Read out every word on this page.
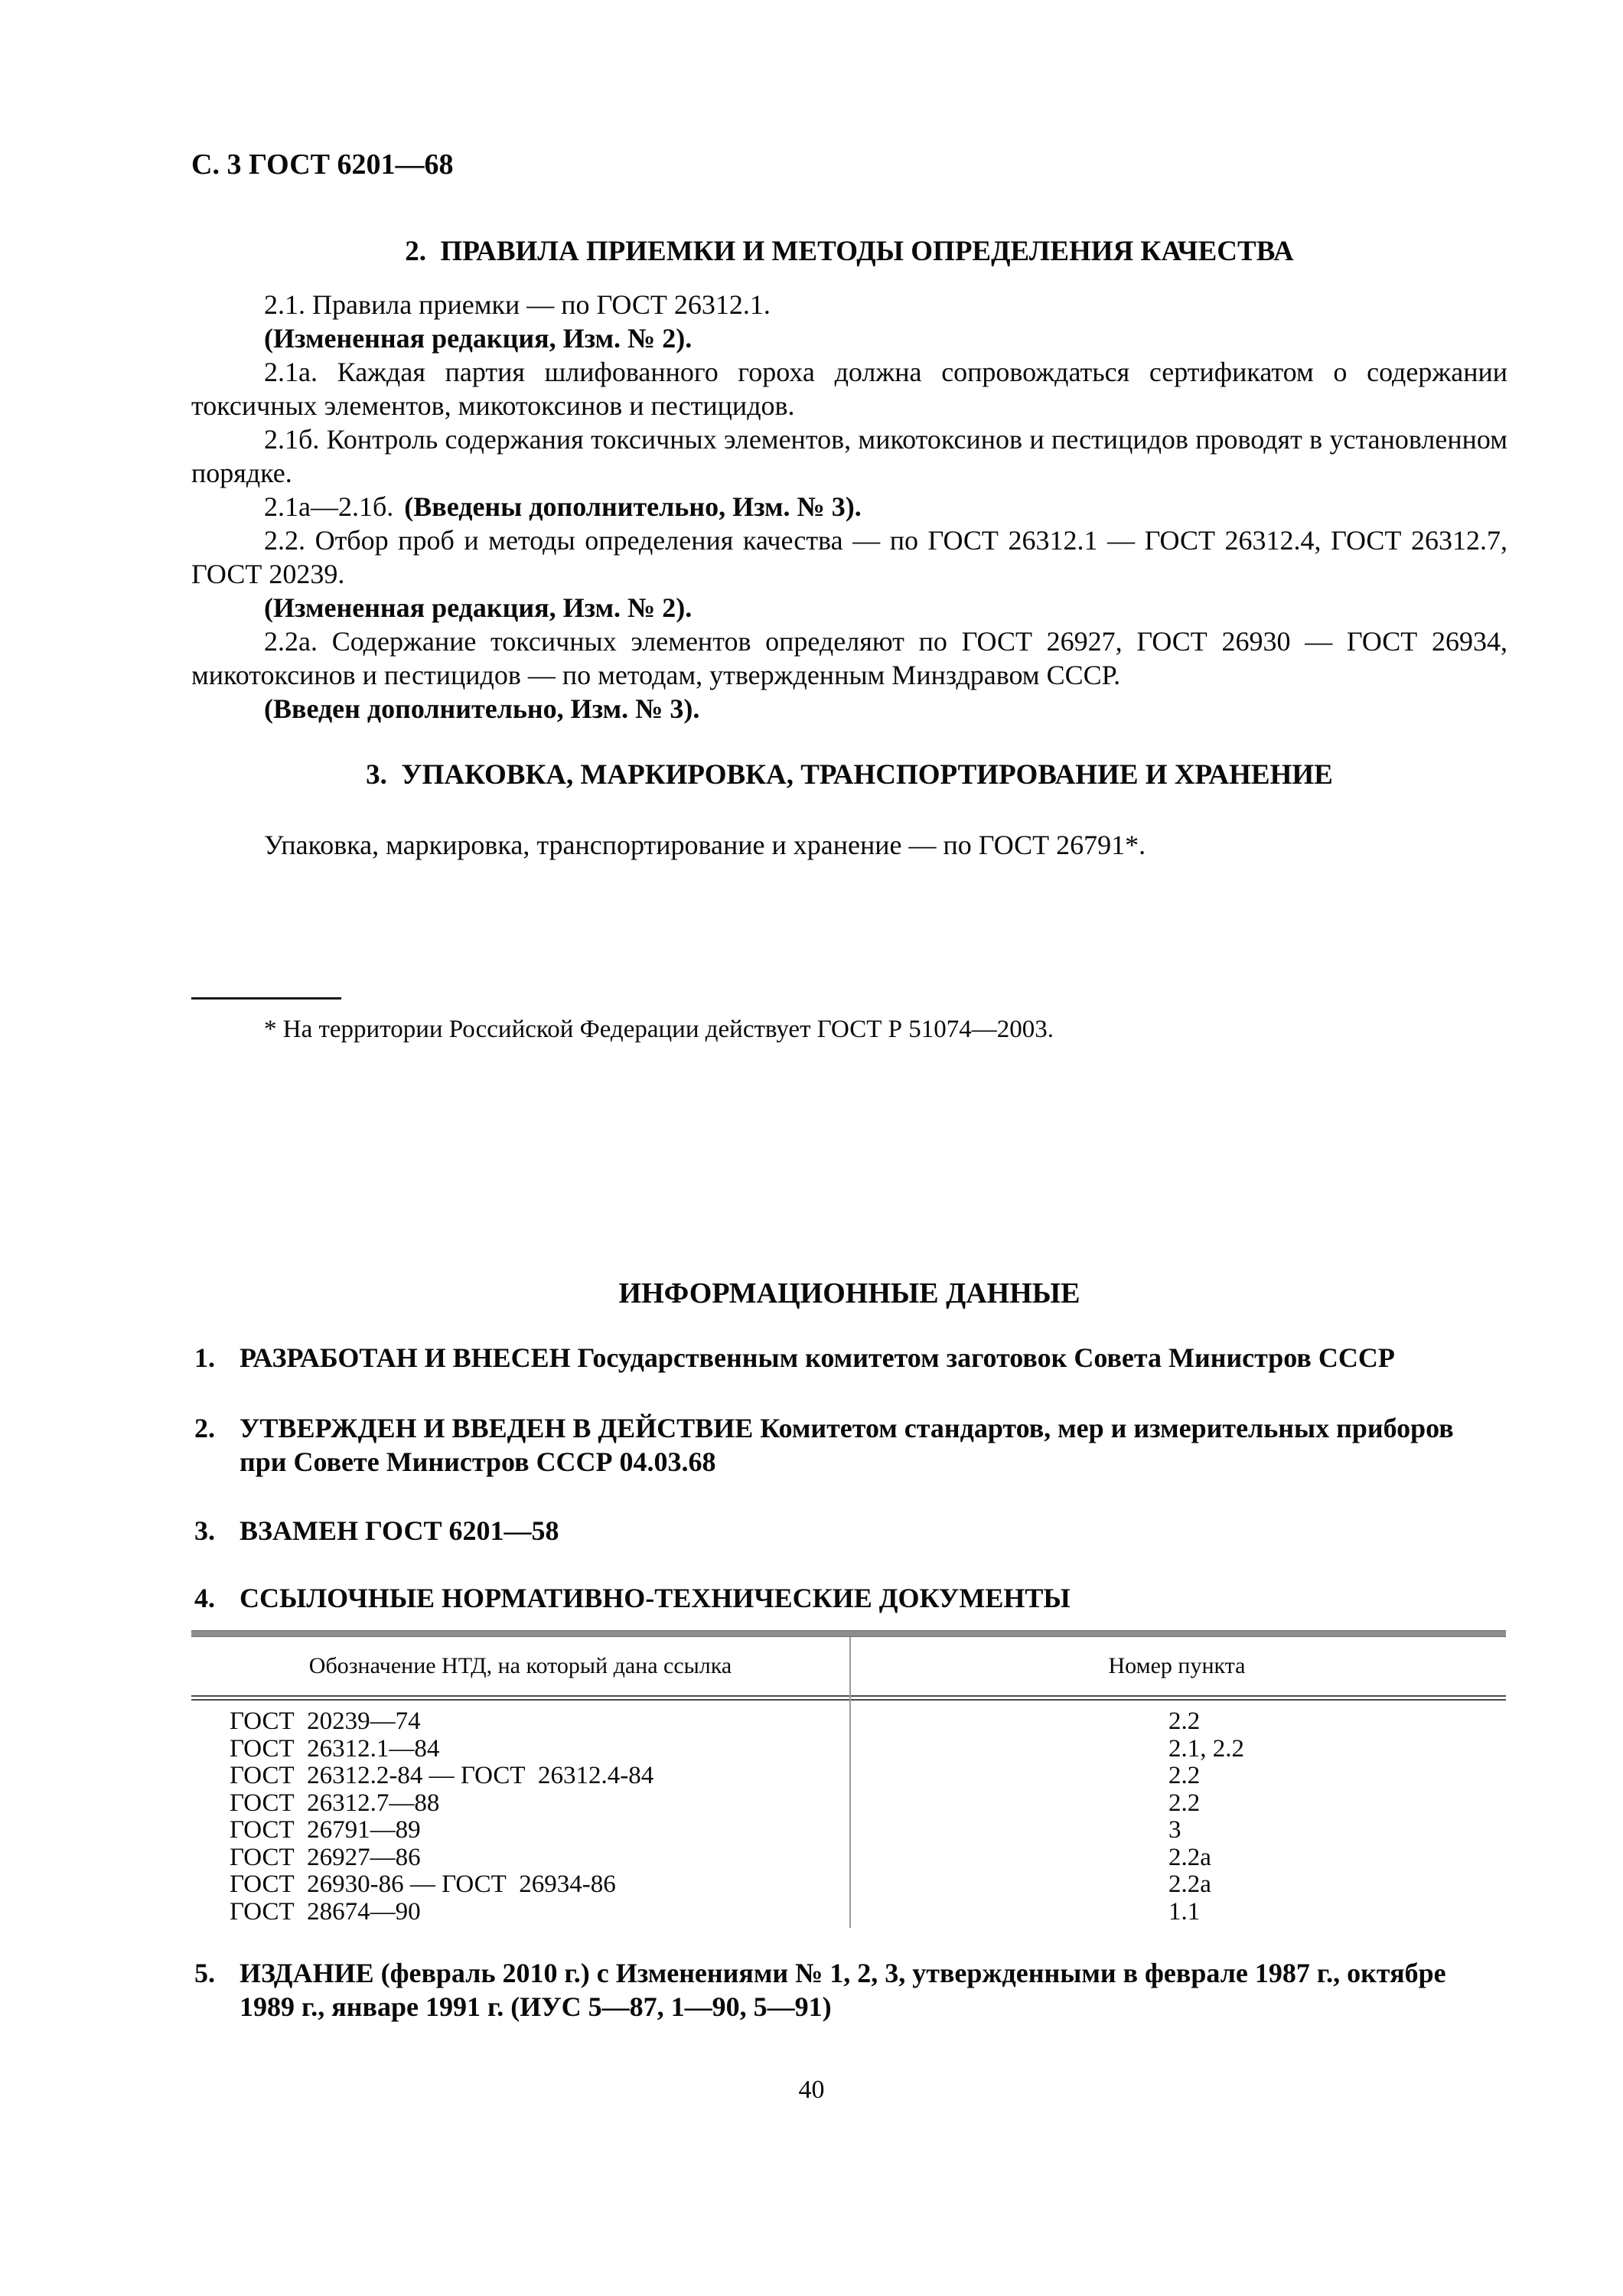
С. 3 ГОСТ 6201—68
2.  ПРАВИЛА ПРИЕМКИ И МЕТОДЫ ОПРЕДЕЛЕНИЯ КАЧЕСТВА

2.1. Правила приемки — по ГОСТ 26312.1.

(Измененная редакция, Изм. № 2).

2.1а. Каждая партия шлифованного гороха должна сопровождаться сертификатом о содержании токсичных элементов, микотоксинов и пестицидов.

2.1б. Контроль содержания токсичных элементов, микотоксинов и пестицидов проводят в установленном порядке.

2.1а—2.1б. (Введены дополнительно, Изм. № 3).

2.2. Отбор проб и методы определения качества — по ГОСТ 26312.1 — ГОСТ 26312.4, ГОСТ 26312.7, ГОСТ 20239.

(Измененная редакция, Изм. № 2).

2.2а. Содержание токсичных элементов определяют по ГОСТ 26927, ГОСТ 26930 — ГОСТ 26934, микотоксинов и пестицидов — по методам, утвержденным Минздравом СССР.

(Введен дополнительно, Изм. № 3).

3.  УПАКОВКА, МАРКИРОВКА, ТРАНСПОРТИРОВАНИЕ И ХРАНЕНИЕ
Упаковка, маркировка, транспортирование и хранение — по ГОСТ 26791*.
* На территории Российской Федерации действует ГОСТ Р 51074—2003.
ИНФОРМАЦИОННЫЕ ДАННЫЕ
1. РАЗРАБОТАН И ВНЕСЕН Государственным комитетом заготовок Совета Министров СССР
2. УТВЕРЖДЕН И ВВЕДЕН В ДЕЙСТВИЕ Комитетом стандартов, мер и измерительных приборов при Совете Министров СССР 04.03.68
3. ВЗАМЕН ГОСТ 6201—58
4. ССЫЛОЧНЫЕ НОРМАТИВНО-ТЕХНИЧЕСКИЕ ДОКУМЕНТЫ
Обозначение НТД, на который дана ссылка	Номер пункта
ГОСТ  20239—74	2.2
ГОСТ  26312.1—84	2.1, 2.2
ГОСТ  26312.2-84 — ГОСТ  26312.4-84	2.2
ГОСТ  26312.7—88	2.2
ГОСТ  26791—89	3
ГОСТ  26927—86	2.2а
ГОСТ  26930-86 — ГОСТ  26934-86	2.2а
ГОСТ  28674—90	1.1
5. ИЗДАНИЕ (февраль 2010 г.) с Изменениями № 1, 2, 3, утвержденными в феврале 1987 г., октябре 1989 г., январе 1991 г. (ИУС 5—87, 1—90, 5—91)
40
